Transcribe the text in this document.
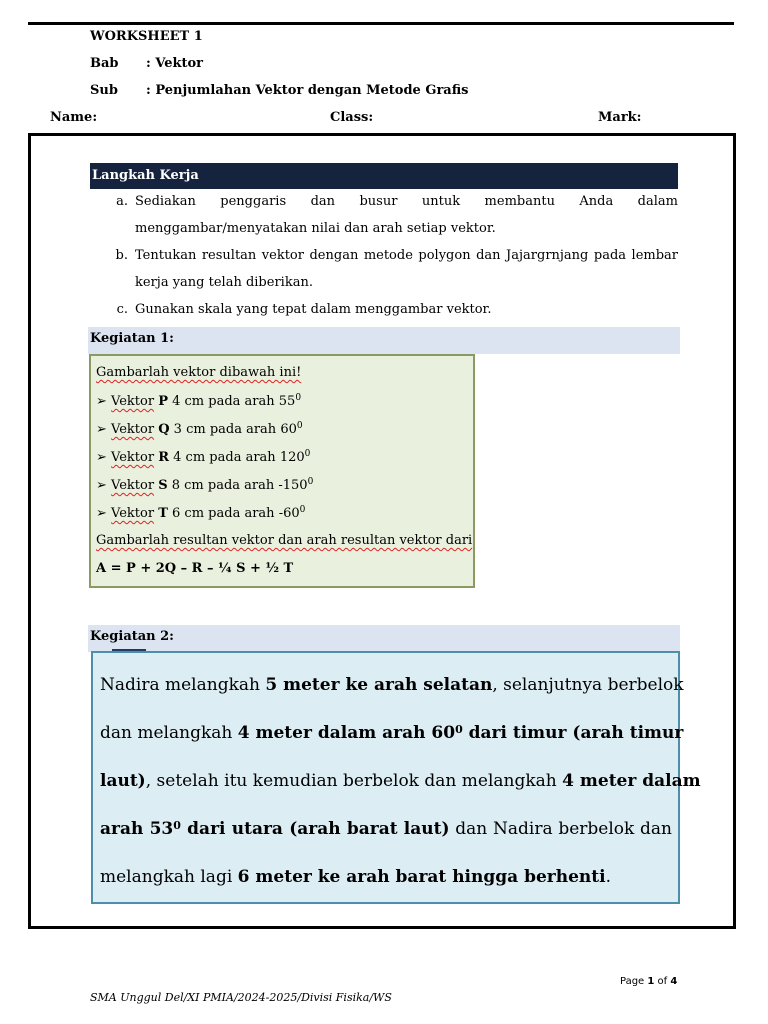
WORKSHEET 1
Bab : Vektor
Sub : Penjumlahan Vektor dengan Metode Grafis
Name:	Class:	Mark:
Langkah Kerja
a. Sediakan penggaris dan busur untuk membantu Anda dalam
menggambar/menyatakan nilai dan arah setiap vektor.
b. Tentukan resultan vektor dengan metode polygon dan Jajargrnjang pada lembar
kerja yang telah diberikan.
c. Gunakan skala yang tepat dalam menggambar vektor.
Kegiatan 1:
Gambarlah vektor dibawah ini!
➢ Vektor P 4 cm pada arah $55^0$
➢ Vektor Q 3 cm pada arah $60^0$
➢ Vektor R 4 cm pada arah $120^0$
➢ Vektor S 8 cm pada arah $-150^0$
➢ Vektor T 6 cm pada arah $-60^0$
Gambarlah resultan vektor dan arah resultan vektor dari
A = P + 2Q – R – ¼ S + ½ T
Kegiatan 2:
Nadira melangkah 5 meter ke arah selatan, selanjutnya berbelok
dan melangkah 4 meter dalam arah $60^0$ dari timur (arah timur
laut), setelah itu kemudian berbelok dan melangkah 4 meter dalam
arah $53^0$ dari utara (arah barat laut) dan Nadira berbelok dan
melangkah lagi 6 meter ke arah barat hingga berhenti.
Page 1 of 4
SMA Unggul Del/XI PMIA/2024-2025/Divisi Fisika/WS
